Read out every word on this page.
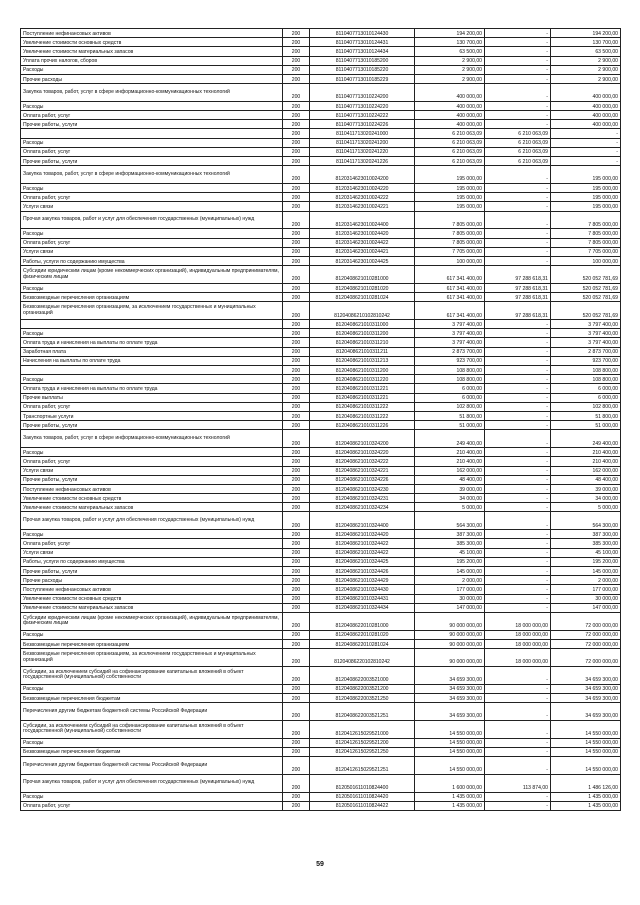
Поступление нефинансовых активов	200	8110407713010124430	194 200,00	-	194 200,00
Увеличение стоимости основных средств	200	8110407713010124431	130 700,00	-	130 700,00
Увеличение стоимости материальных запасов	200	8110407713010124434	63 500,00	-	63 500,00
Уплата прочих налогов, сборов	200	8110407713010185200	2 900,00	-	2 900,00
Расходы	200	8110407713010185220	2 900,00	-	2 900,00
Прочие расходы	200	8110407713010185229	2 900,00	-	2 900,00
Закупка товаров, работ, услуг в сфере информационно-коммуникационных технологий	200	8110407713010224200	400 000,00	-	400 000,00
Расходы	200	8110407713010224220	400 000,00	-	400 000,00
Оплата работ, услуг	200	8110407713010224222	400 000,00	-	400 000,00
Прочие работы, услуги	200	8110407713010224226	400 000,00	-	400 000,00
	200	8110411713020241000	6 210 063,09	6 210 063,09	-
Расходы	200	8110411713020241200	6 210 063,09	6 210 063,09	-
Оплата работ, услуг	200	8110411713020241220	6 210 063,09	6 210 063,09	-
Прочие работы, услуги	200	8110411713020241226	6 210 063,09	6 210 063,09	-
Закупка товаров, работ, услуг в сфере информационно-коммуникационных технологий	200	8120314623010024200	195 000,00	-	195 000,00
Расходы	200	8120314623010024220	195 000,00	-	195 000,00
Оплата работ, услуг	200	8120314623010024222	195 000,00	-	195 000,00
Услуги связи	200	8120314623010024221	195 000,00	-	195 000,00
Прочая закупка товаров, работ и услуг для обеспечения государственных (муниципальных) нужд	200	8120314623010024400	7 805 000,00	-	7 805 000,00
Расходы	200	8120314623010024420	7 805 000,00	-	7 805 000,00
Оплата работ, услуг	200	8120314623010024422	7 805 000,00	-	7 805 000,00
Услуги связи	200	8120314623010024421	7 705 000,00	-	7 705 000,00
Работы, услуги по содержанию имущества	200	8120314623010024425	100 000,00	-	100 000,00
Субсидии юридическим лицам (кроме некоммерческих организаций), индивидуальным предпринимателям, физическим лицам	200	8120408621010281000	617 341 400,00	97 288 618,31	520 052 781,69
Расходы	200	8120408621010281020	617 341 400,00	97 288 618,31	520 052 781,69
Безвозмездные перечисления организациям	200	8120408621010281024	617 341 400,00	97 288 618,31	520 052 781,69
Безвозмездные перечисления организациям, за исключением государственных и муниципальных организаций	200	81204086210102810242	617 341 400,00	97 288 618,31	520 052 781,69
	200	8120408621010311000	3 797 400,00	-	3 797 400,00
Расходы	200	8120408621010311200	3 797 400,00	-	3 797 400,00
Оплата труда и начисления на выплаты по оплате труда	200	8120408621010311210	3 797 400,00	-	3 797 400,00
Заработная плата	200	8120408621010311211	2 873 700,00	-	2 873 700,00
Начисления на выплаты по оплате труда	200	8120408621010311213	923 700,00	-	923 700,00
	200	8120408621010311200	108 800,00	-	108 800,00
Расходы	200	8120408621010311220	108 800,00	-	108 800,00
Оплата труда и начисления на выплаты по оплате труда	200	8120408621010311221	6 000,00	-	6 000,00
Прочие выплаты	200	8120408621010311221	6 000,00	-	6 000,00
Оплата работ, услуг	200	8120408621010311222	102 800,00	-	102 800,00
Транспортные услуги	200	8120408621010311222	51 800,00	-	51 800,00
Прочие работы, услуги	200	8120408621010311226	51 000,00	-	51 000,00
Закупка товаров, работ, услуг в сфере информационно-коммуникационных технологий	200	8120408621010324200	249 400,00	-	249 400,00
Расходы	200	8120408621010324220	210 400,00	-	210 400,00
Оплата работ, услуг	200	8120408621010324222	210 400,00	-	210 400,00
Услуги связи	200	8120408621010324221	162 000,00	-	162 000,00
Прочие работы, услуги	200	8120408621010324226	48 400,00	-	48 400,00
Поступление нефинансовых активов	200	8120408621010324230	39 000,00	-	39 000,00
Увеличение стоимости основных средств	200	8120408621010324231	34 000,00	-	34 000,00
Увеличение стоимости материальных запасов	200	8120408621010324234	5 000,00	-	5 000,00
Прочая закупка товаров, работ и услуг для обеспечения государственных (муниципальных) нужд	200	8120408621010324400	564 300,00	-	564 300,00
Расходы	200	8120408621010324420	387 300,00	-	387 300,00
Оплата работ, услуг	200	8120408621010324422	385 300,00	-	385 300,00
Услуги связи	200	8120408621010324422	45 100,00	-	45 100,00
Работы, услуги по содержанию имущества	200	8120408621010324425	195 200,00	-	195 200,00
Прочие работы, услуги	200	8120408621010324426	145 000,00	-	145 000,00
Прочие расходы	200	8120408621010324429	2 000,00	-	2 000,00
Поступление нефинансовых активов	200	8120408621010324430	177 000,00	-	177 000,00
Увеличение стоимости основных средств	200	8120408621010324431	30 000,00	-	30 000,00
Увеличение стоимости материальных запасов	200	8120408621010324434	147 000,00	-	147 000,00
Субсидии юридическим лицам (кроме некоммерческих организаций), индивидуальным предпринимателям, физическим лицам	200	8120408622010281000	90 000 000,00	18 000 000,00	72 000 000,00
Расходы	200	8120408622010281020	90 000 000,00	18 000 000,00	72 000 000,00
Безвозмездные перечисления организациям	200	8120408622010281024	90 000 000,00	18 000 000,00	72 000 000,00
Безвозмездные перечисления организациям, за исключением государственных и муниципальных организаций	200	81204086220102810242	90 000 000,00	18 000 000,00	72 000 000,00
Субсидии, за исключением субсидий на софинансирование капитальных вложений в объект государственной (муниципальной) собственности	200	8120408622003521000	34 659 300,00	-	34 659 300,00
Расходы	200	8120408622003521200	34 659 300,00	-	34 659 300,00
Безвозмездные перечисления бюджетам	200	8120408622003521250	34 659 300,00	-	34 659 300,00
Перечисления другим бюджетам бюджетной системы Российской Федерации	200	8120408622003521251	34 659 300,00	-	34 659 300,00
Субсидии, за исключением субсидий на софинансирование капитальных вложений в объект государственной (муниципальной) собственности	200	8120412615029521000	14 550 000,00	-	14 550 000,00
Расходы	200	8120412615029521200	14 550 000,00	-	14 550 000,00
Безвозмездные перечисления бюджетам	200	8120412615029521250	14 550 000,00	-	14 550 000,00
Перечисления другим бюджетам бюджетной системы Российской Федерации	200	8120412615029521251	14 550 000,00	-	14 550 000,00
Прочая закупка товаров, работ и услуг для обеспечения государственных (муниципальных) нужд	200	8120501611010824400	1 600 000,00	113 874,00	1 486 126,00
Расходы	200	8120501611010824420	1 435 000,00	-	1 435 000,00
Оплата работ, услуг	200	8120501611010824422	1 435 000,00	-	1 435 000,00
59
